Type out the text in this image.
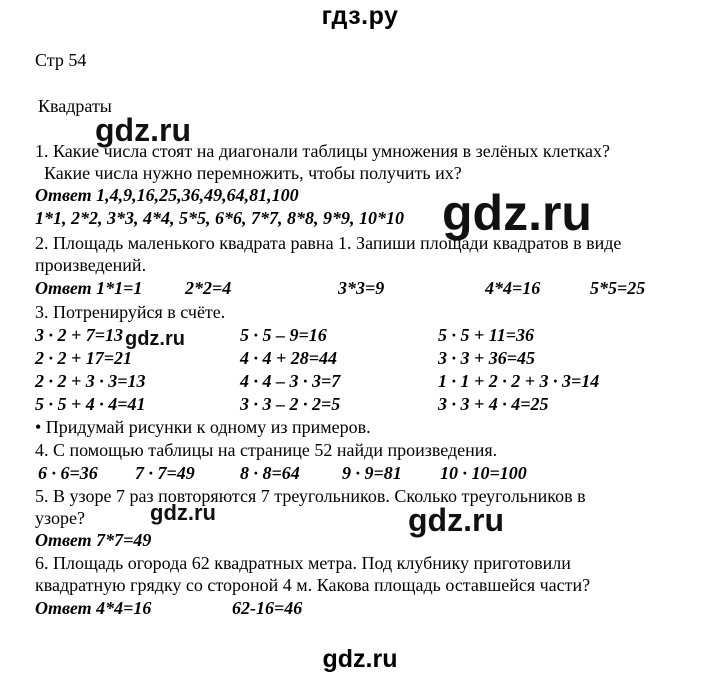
гдз.ру
Стр 54
Квадраты
gdz.ru
gdz.ru
gdz.ru
gdz.ru	gdz.ru
1. Какие числа стоят на диагонали таблицы умножения в зелёных клетках?
Какие числа нужно перемножить, чтобы получить их?
Ответ 1,4,9,16,25,36,49,64,81,100
1*1, 2*2, 3*3, 4*4, 5*5, 6*6, 7*7, 8*8, 9*9, 10*10
2. Площадь маленького квадрата равна 1. Запиши площади квадратов в виде
произведений.
Ответ 1*1=1 2*2=4	3*3=9	4*4=16	5*5=25
3. Потренируйся в счёте.
3 · 2 + 7=13	5 · 5 – 9=16	5 · 5 + 11=36
2 · 2 + 17=21	4 · 4 + 28=44	3 · 3 + 36=45
2 · 2 + 3 · 3=13	4 · 4 – 3 · 3=7	1 · 1 + 2 · 2 + 3 · 3=14
5 · 5 + 4 · 4=41	3 · 3 – 2 · 2=5	3 · 3 + 4 · 4=25
• Придумай рисунки к одному из примеров.
4. С помощью таблицы на странице 52 найди произведения.
6 · 6=36 7 · 7=49	8 · 8=64 9 · 9=81 10 · 10=100
5. В узоре 7 раз повторяются 7 треугольников. Сколько треугольников в
узоре?
Ответ 7*7=49
6. Площадь огорода 62 квадратных метра. Под клубнику приготовили
квадратную грядку со стороной 4 м. Какова площадь оставшейся части?
Ответ 4*4=16	62-16=46
gdz.ru
